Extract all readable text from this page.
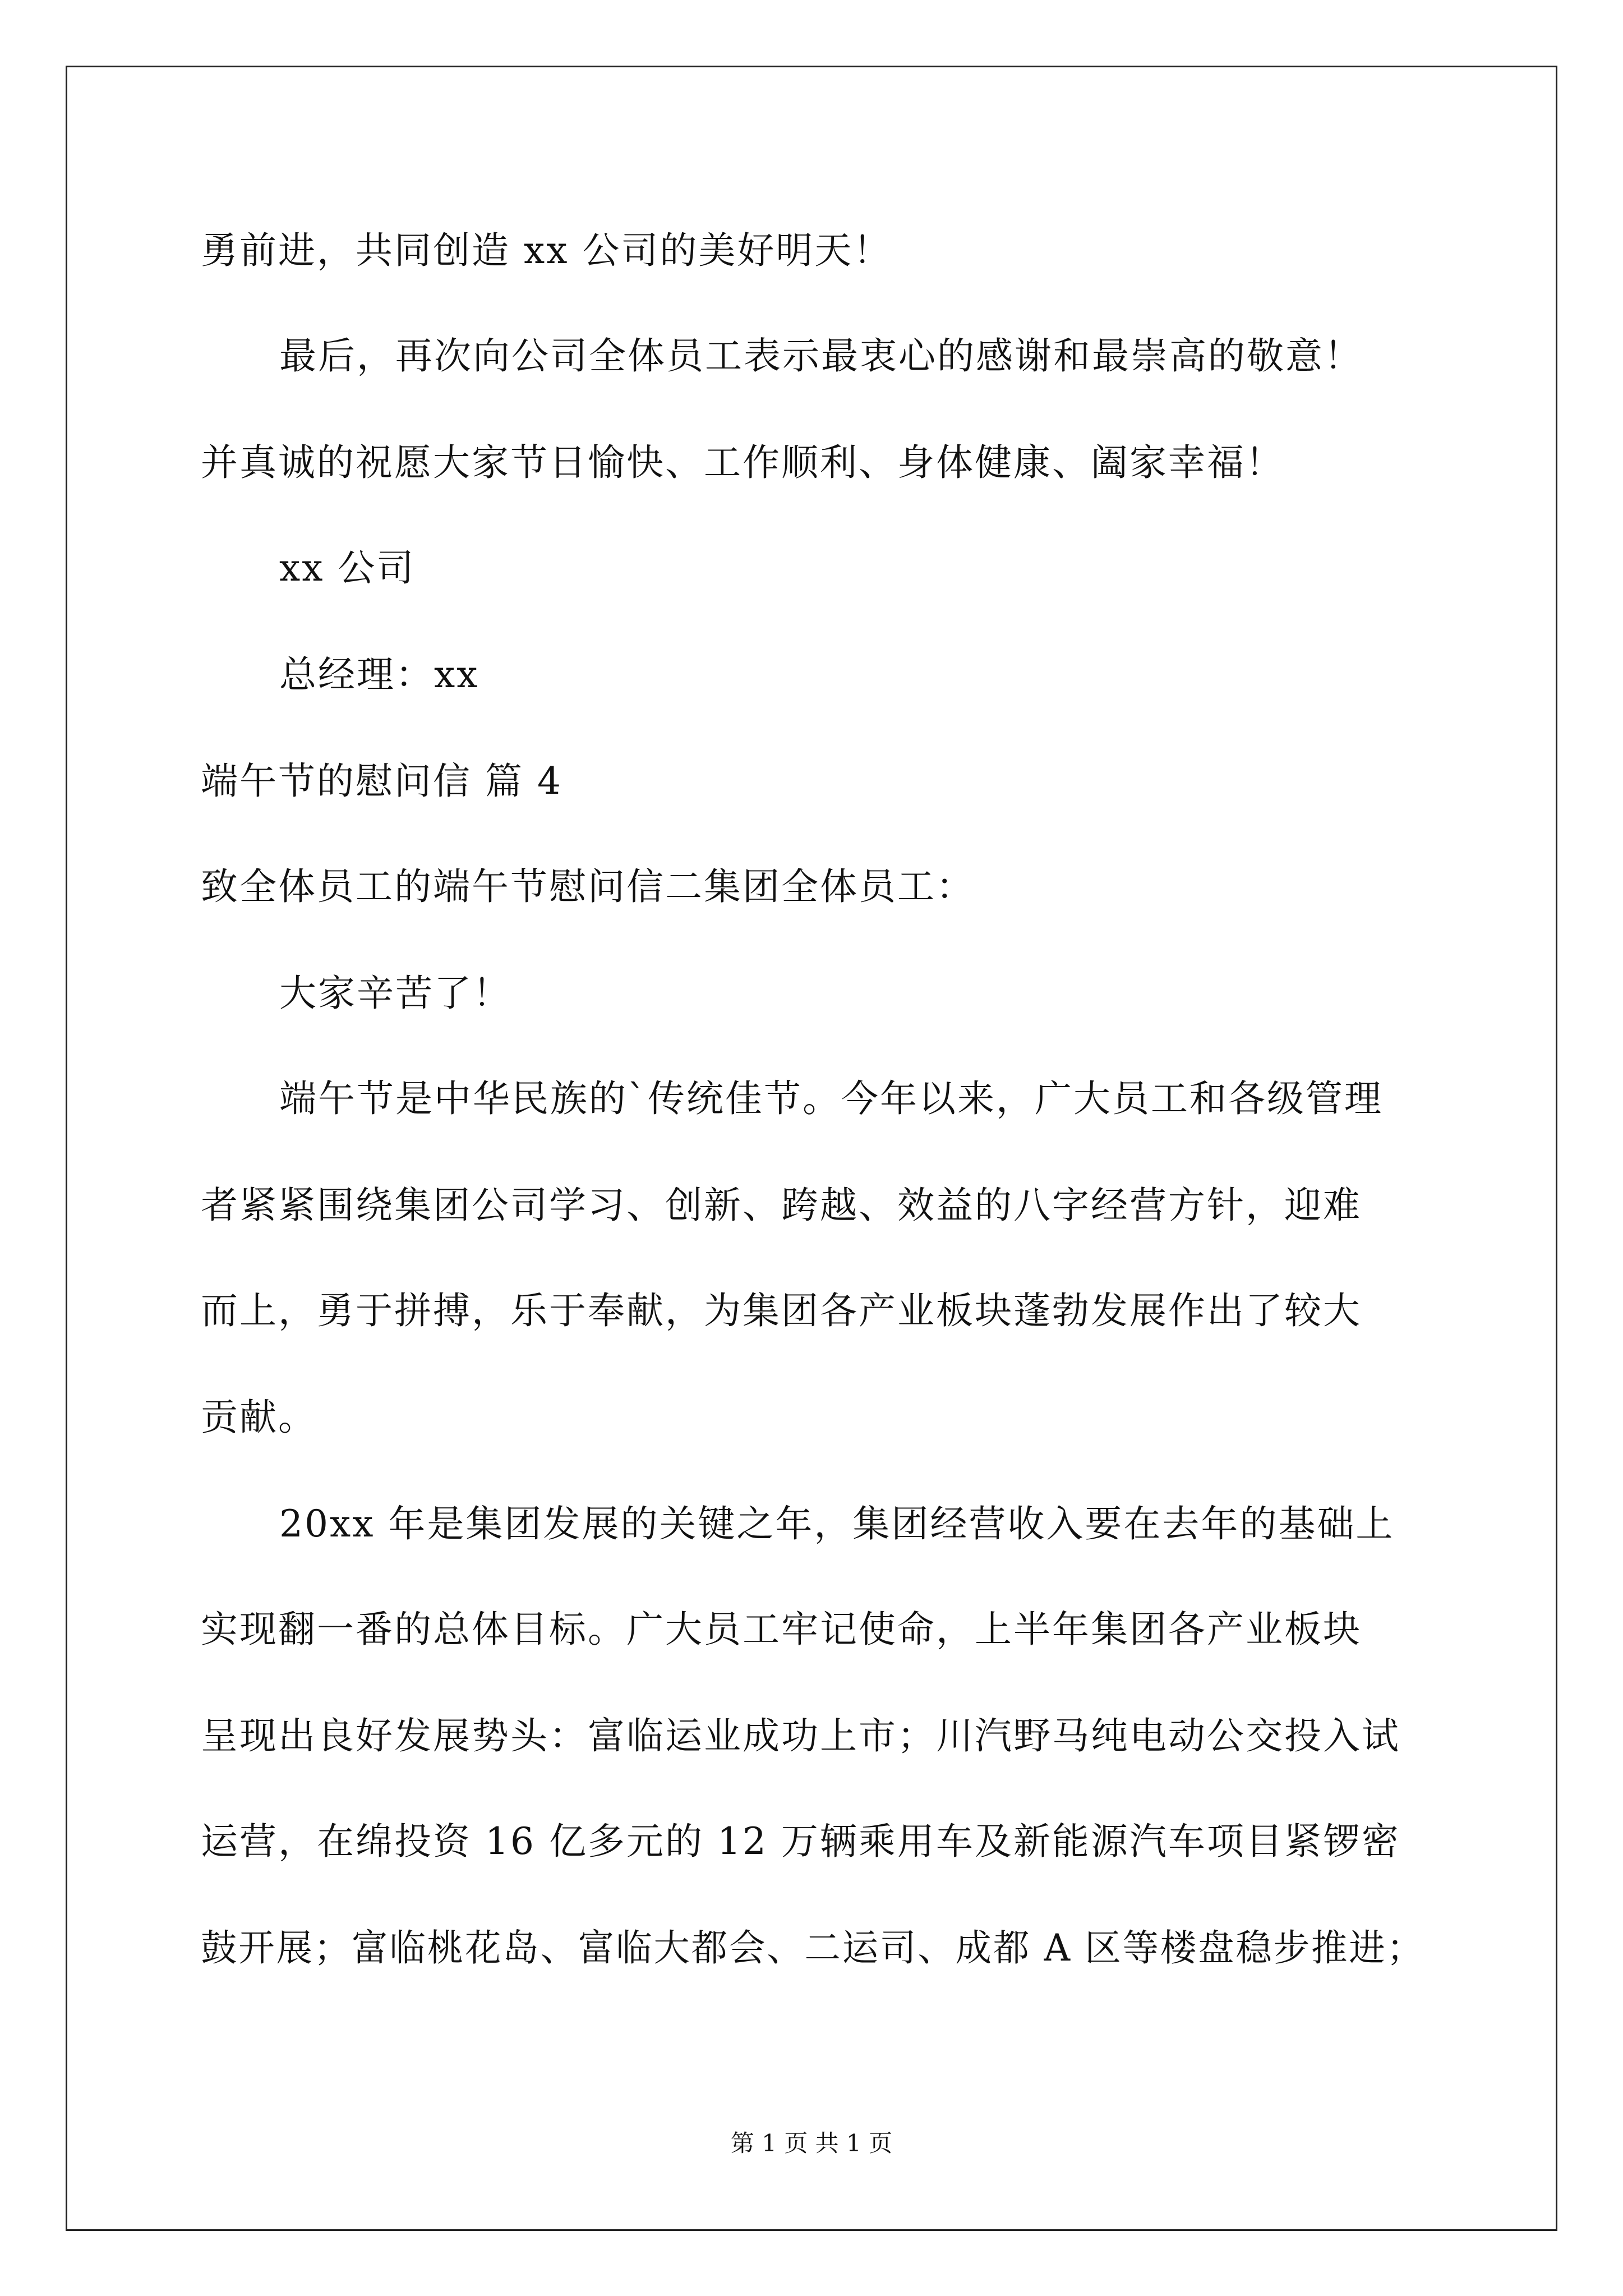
勇前进，共同创造 xx 公司的美好明天！
最后，再次向公司全体员工表示最衷心的感谢和最崇高的敬意！
并真诚的祝愿大家节日愉快、工作顺利、身体健康、阖家幸福！
xx 公司
总经理：xx
端午节的慰问信 篇 4
致全体员工的端午节慰问信二集团全体员工：
大家辛苦了！
端午节是中华民族的`传统佳节。今年以来，广大员工和各级管理
者紧紧围绕集团公司学习、创新、跨越、效益的八字经营方针，迎难
而上，勇于拼搏，乐于奉献，为集团各产业板块蓬勃发展作出了较大
贡献。
20xx 年是集团发展的关键之年，集团经营收入要在去年的基础上
实现翻一番的总体目标。广大员工牢记使命，上半年集团各产业板块
呈现出良好发展势头：富临运业成功上市；川汽野马纯电动公交投入试
运营，在绵投资 16 亿多元的 12 万辆乘用车及新能源汽车项目紧锣密
鼓开展；富临桃花岛、富临大都会、二运司、成都 A 区等楼盘稳步推进；
第 1 页 共 1 页
